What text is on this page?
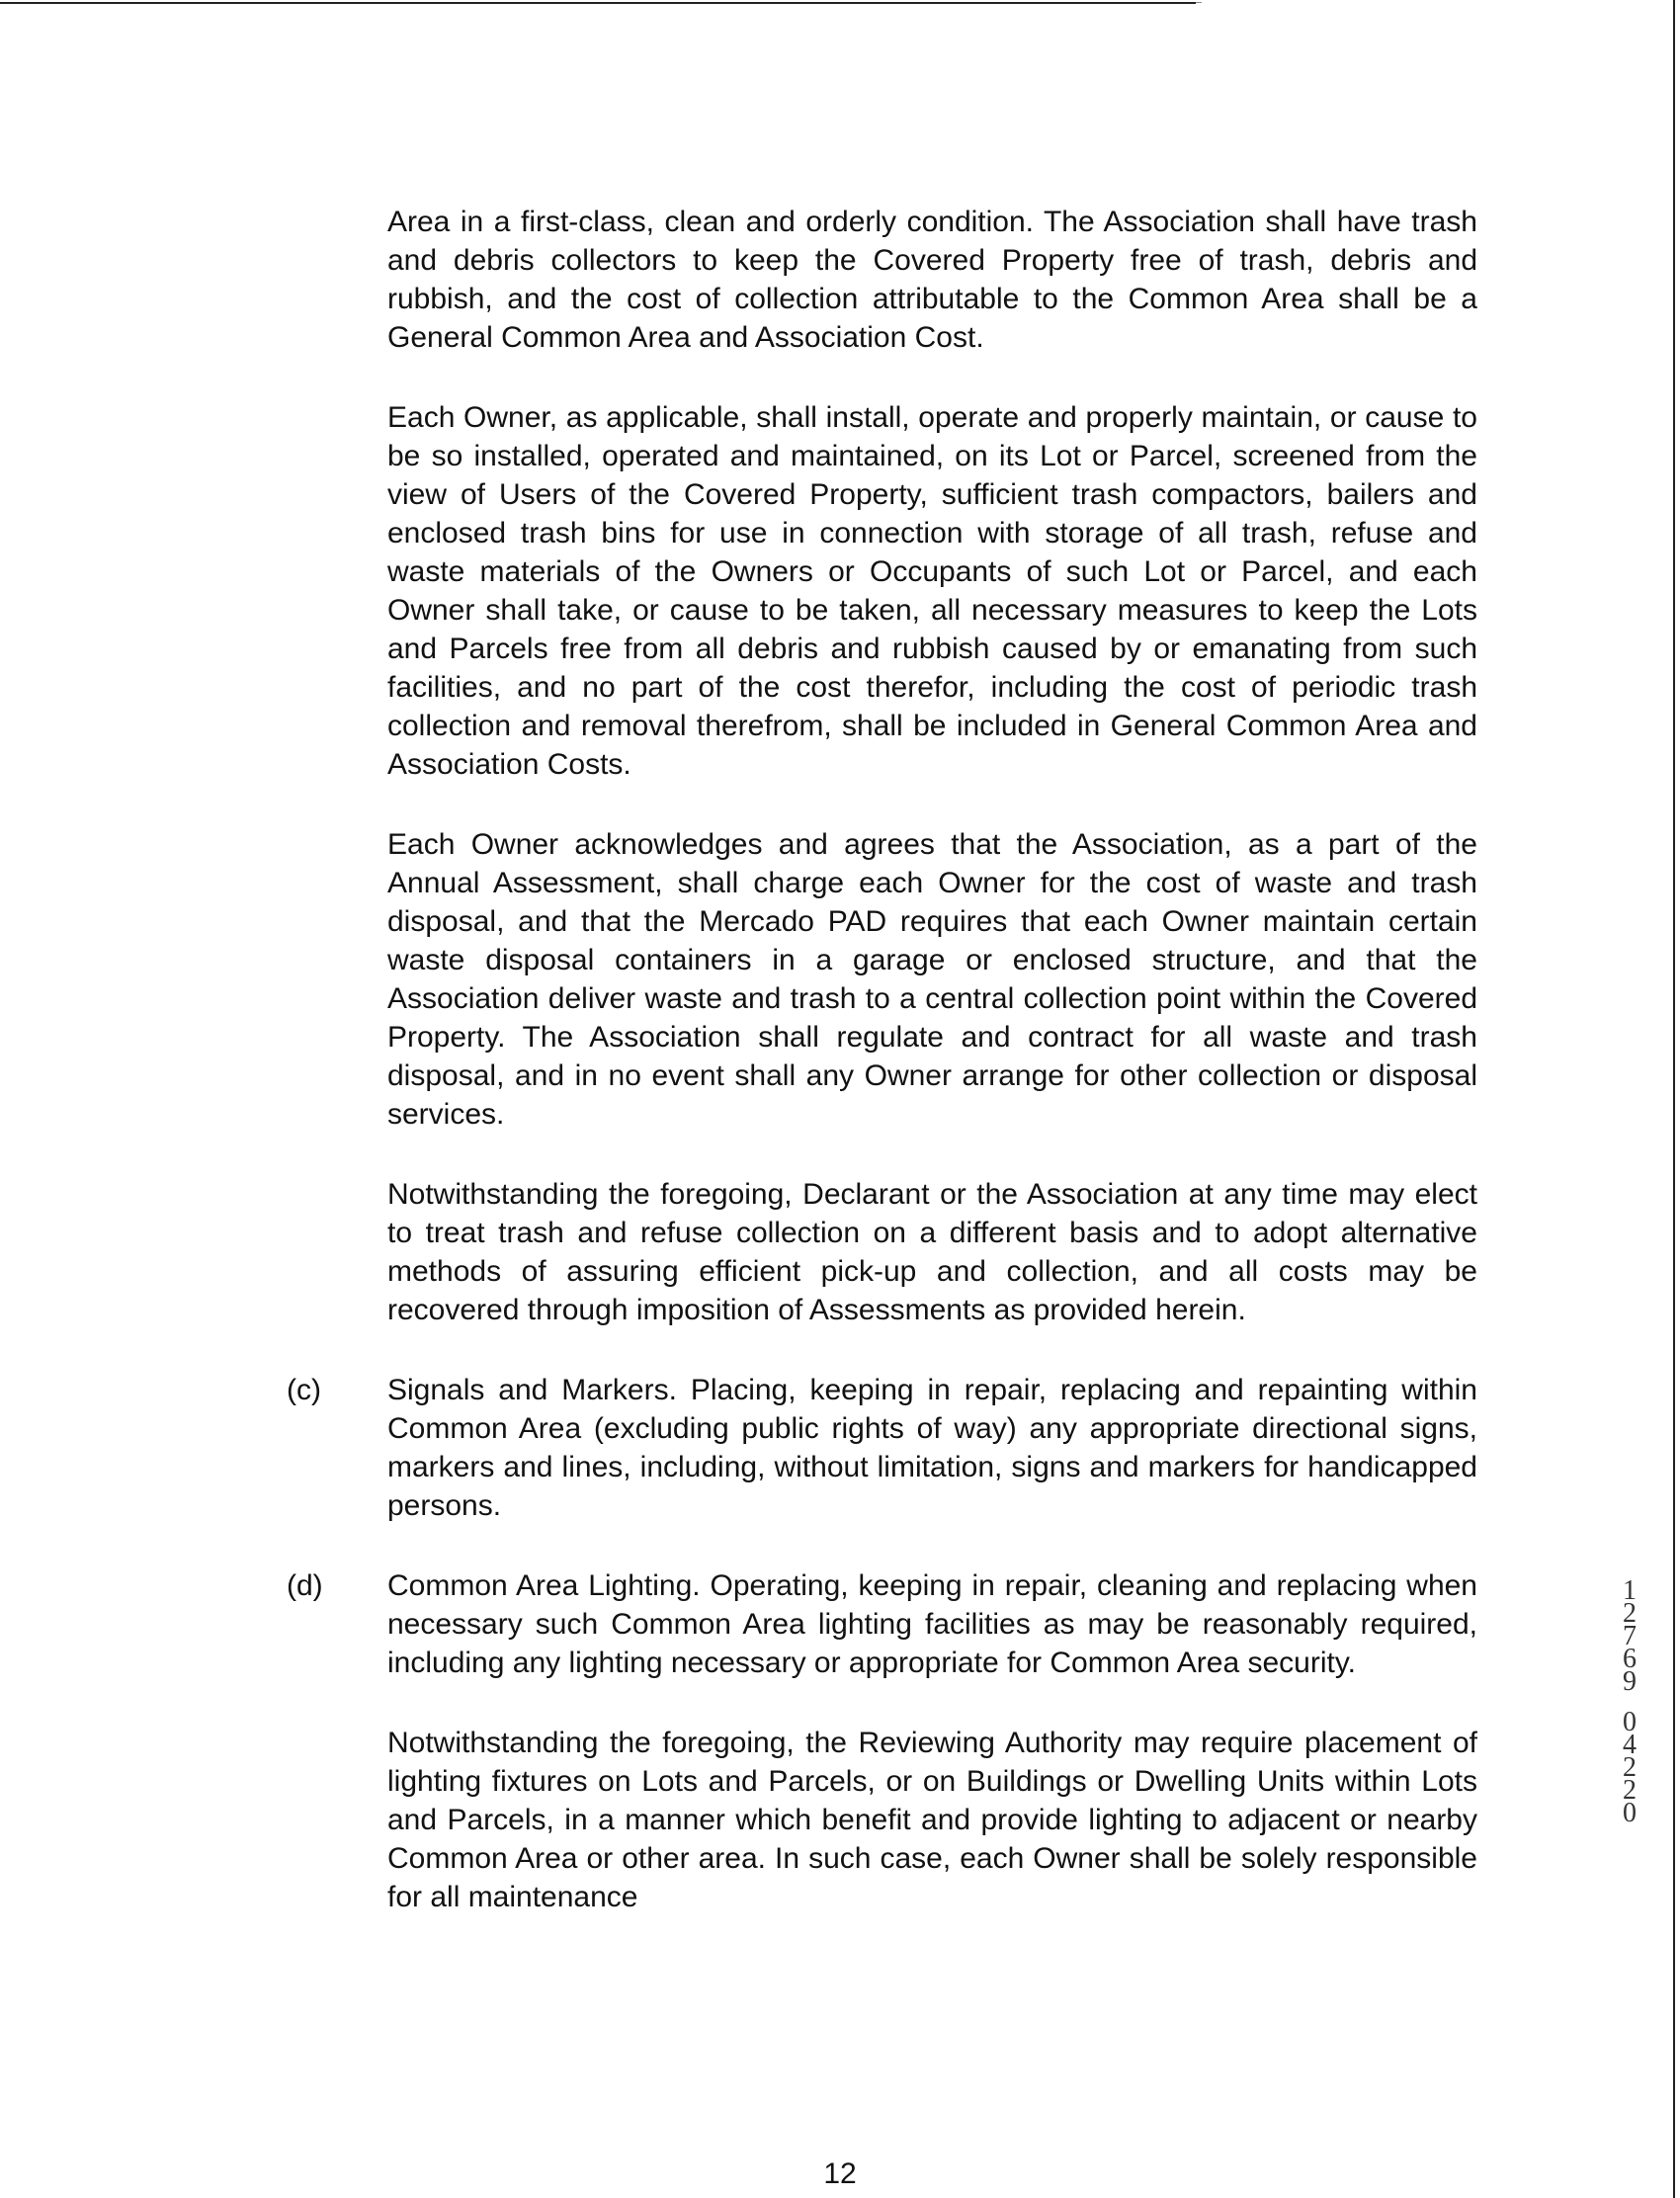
Area in a first-class, clean and orderly condition. The Association shall have trash and debris collectors to keep the Covered Property free of trash, debris and rubbish, and the cost of collection attributable to the Common Area shall be a General Common Area and Association Cost.

Each Owner, as applicable, shall install, operate and properly maintain, or cause to be so installed, operated and maintained, on its Lot or Parcel, screened from the view of Users of the Covered Property, sufficient trash compactors, bailers and enclosed trash bins for use in connection with storage of all trash, refuse and waste materials of the Owners or Occupants of such Lot or Parcel, and each Owner shall take, or cause to be taken, all necessary measures to keep the Lots and Parcels free from all debris and rubbish caused by or emanating from such facilities, and no part of the cost therefor, including the cost of periodic trash collection and removal therefrom, shall be included in General Common Area and Association Costs.

Each Owner acknowledges and agrees that the Association, as a part of the Annual Assessment, shall charge each Owner for the cost of waste and trash disposal, and that the Mercado PAD requires that each Owner maintain certain waste disposal containers in a garage or enclosed structure, and that the Association deliver waste and trash to a central collection point within the Covered Property. The Association shall regulate and contract for all waste and trash disposal, and in no event shall any Owner arrange for other collection or disposal services.

Notwithstanding the foregoing, Declarant or the Association at any time may elect to treat trash and refuse collection on a different basis and to adopt alternative methods of assuring efficient pick-up and collection, and all costs may be recovered through imposition of Assessments as provided herein.

(c) Signals and Markers. Placing, keeping in repair, replacing and repainting within Common Area (excluding public rights of way) any appropriate directional signs, markers and lines, including, without limitation, signs and markers for handicapped persons.

(d) Common Area Lighting. Operating, keeping in repair, cleaning and replacing when necessary such Common Area lighting facilities as may be reasonably required, including any lighting necessary or appropriate for Common Area security.

Notwithstanding the foregoing, the Reviewing Authority may require placement of lighting fixtures on Lots and Parcels, or on Buildings or Dwelling Units within Lots and Parcels, in a manner which benefit and provide lighting to adjacent or nearby Common Area or other area. In such case, each Owner shall be solely responsible for all maintenance

12
12769
04220
